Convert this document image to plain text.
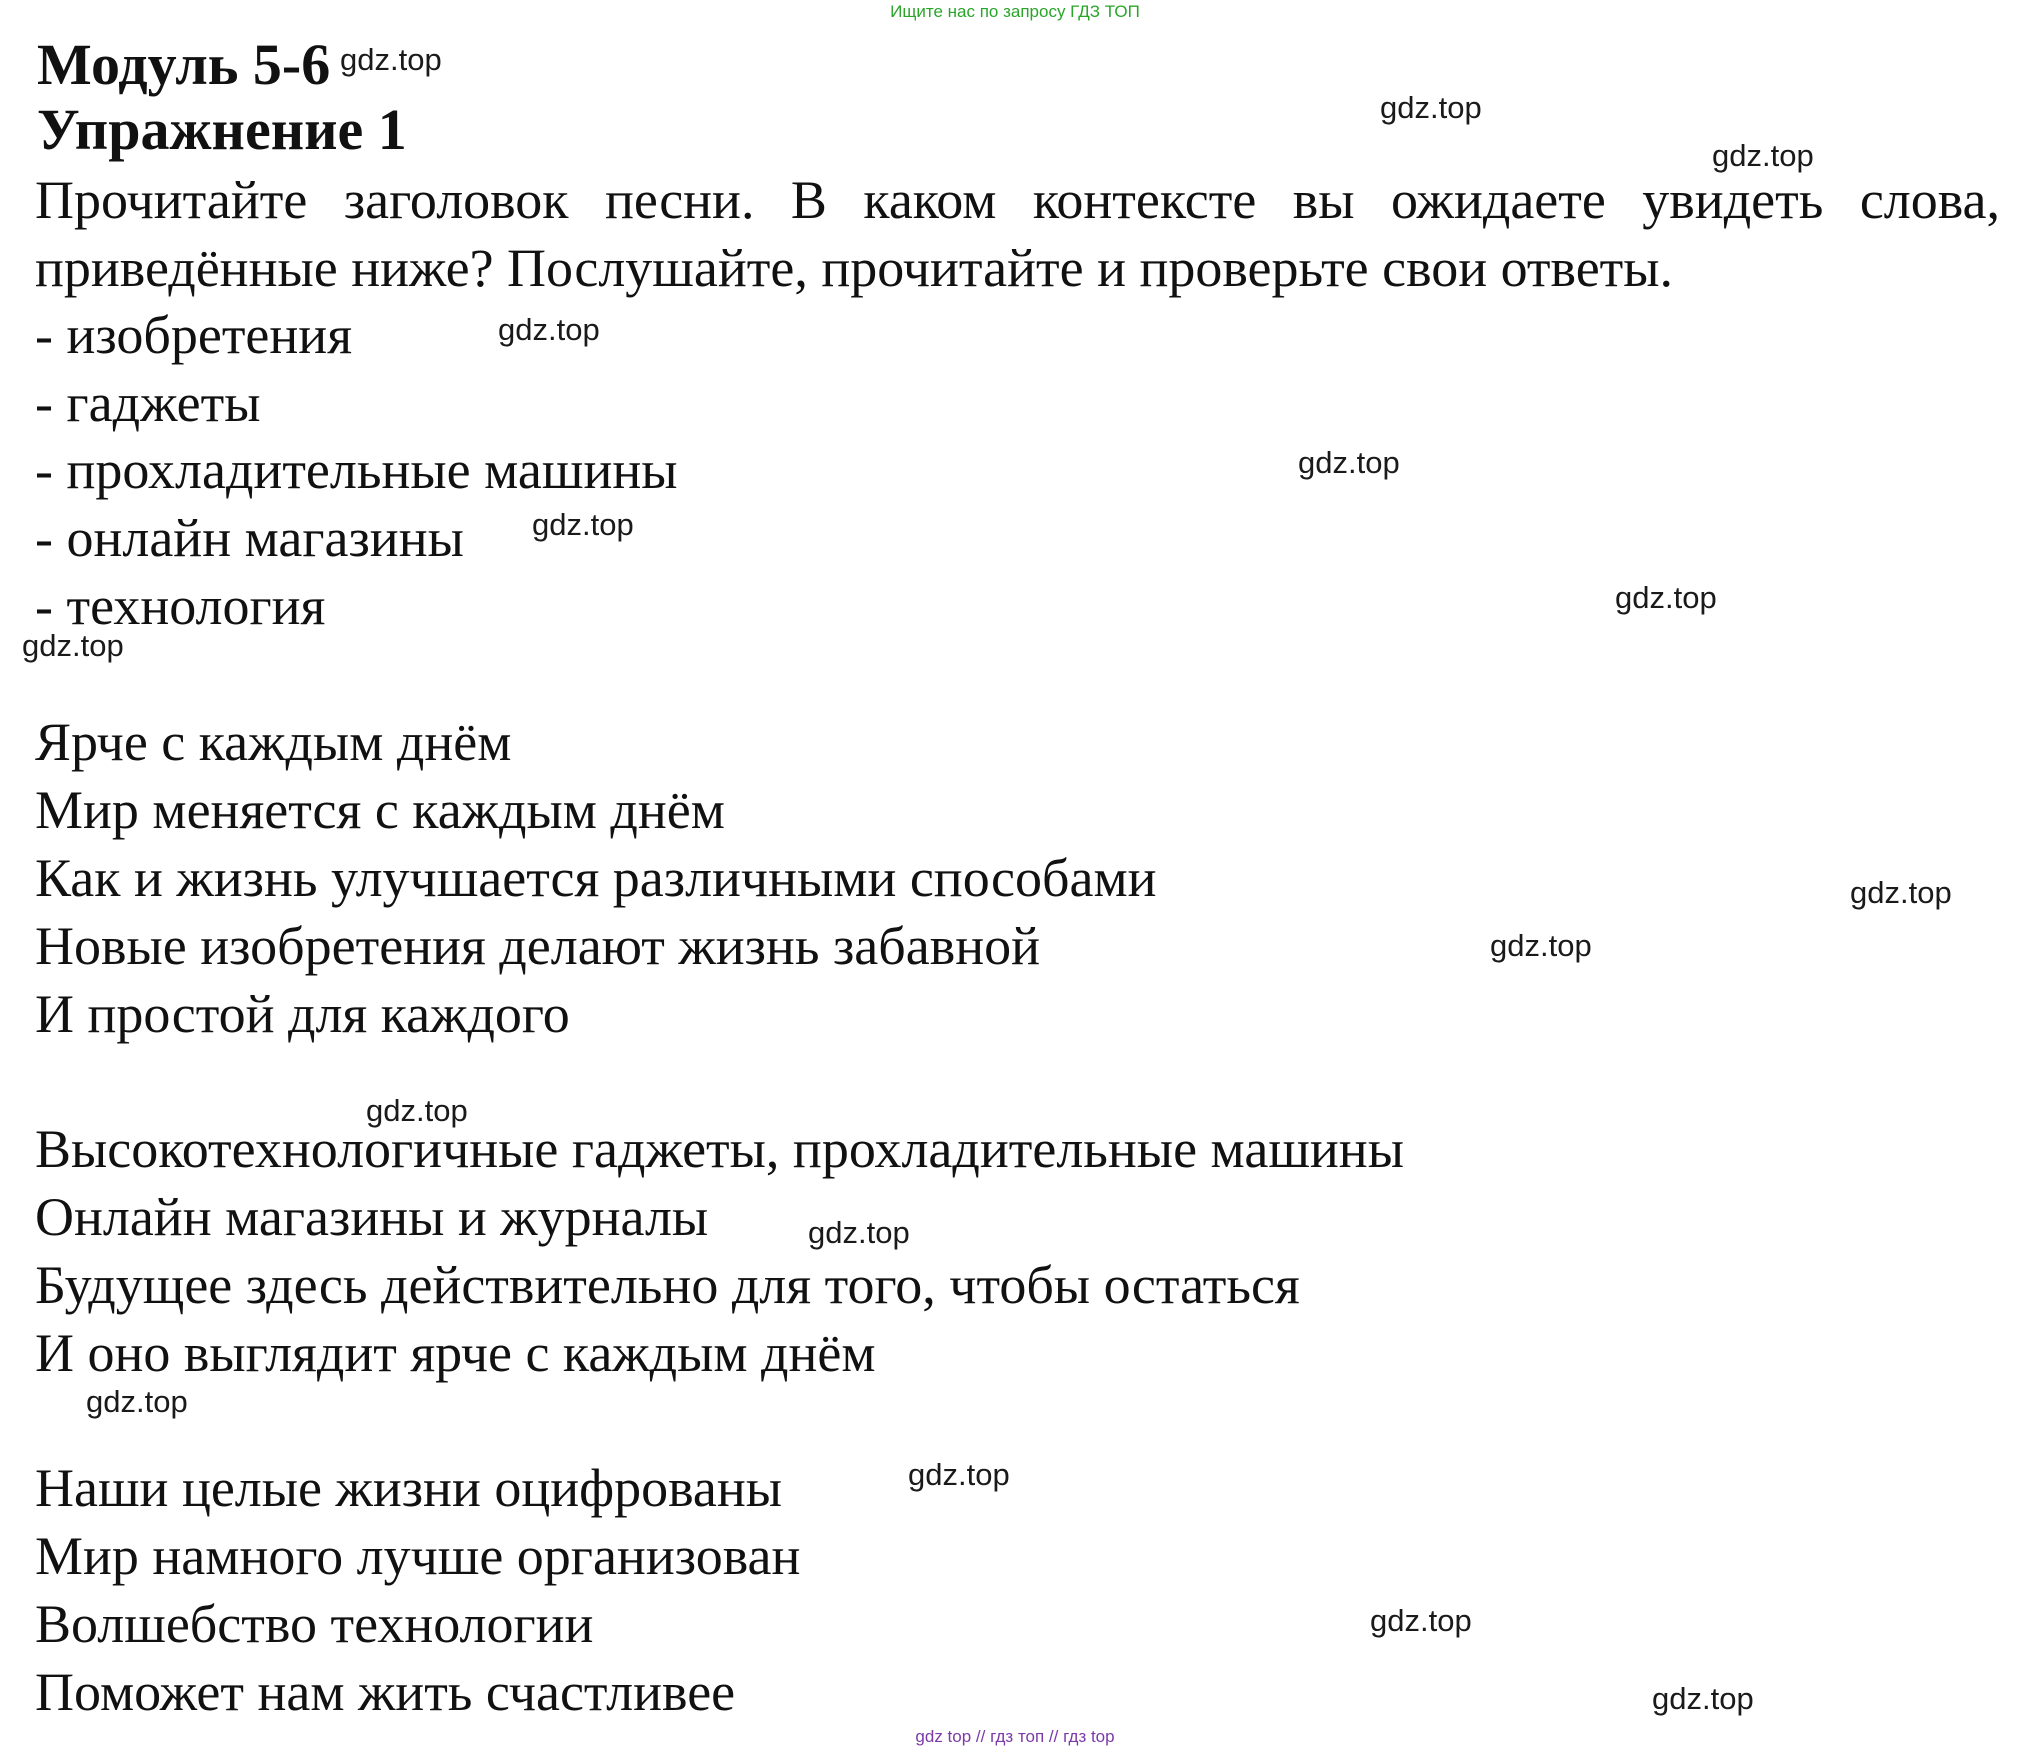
Ищите нас по запросу ГДЗ ТОП
Модуль 5-6
Упражнение 1

Прочитайте заголовок песни. В каком контексте вы ожидаете увидеть слова, приведённые ниже? Послушайте, прочитайте и проверьте свои ответы.

- изобретения
- гаджеты
- прохладительные машины
- онлайн магазины
- технология
Ярче с каждым днём
Мир меняется с каждым днём
Как и жизнь улучшается различными способами
Новые изобретения делают жизнь забавной
И простой для каждого
Высокотехнологичные гаджеты, прохладительные машины
Онлайн магазины и журналы
Будущее здесь действительно для того, чтобы остаться
И оно выглядит ярче с каждым днём
Наши целые жизни оцифрованы
Мир намного лучше организован
Волшебство технологии
Поможет нам жить счастливее
gdz.top
gdz.top
gdz.top
gdz.top
gdz.top
gdz.top
gdz.top
gdz.top
gdz.top
gdz.top
gdz.top
gdz.top
gdz.top
gdz.top
gdz.top
gdz.top
gdz top // гдз топ // гдз top
